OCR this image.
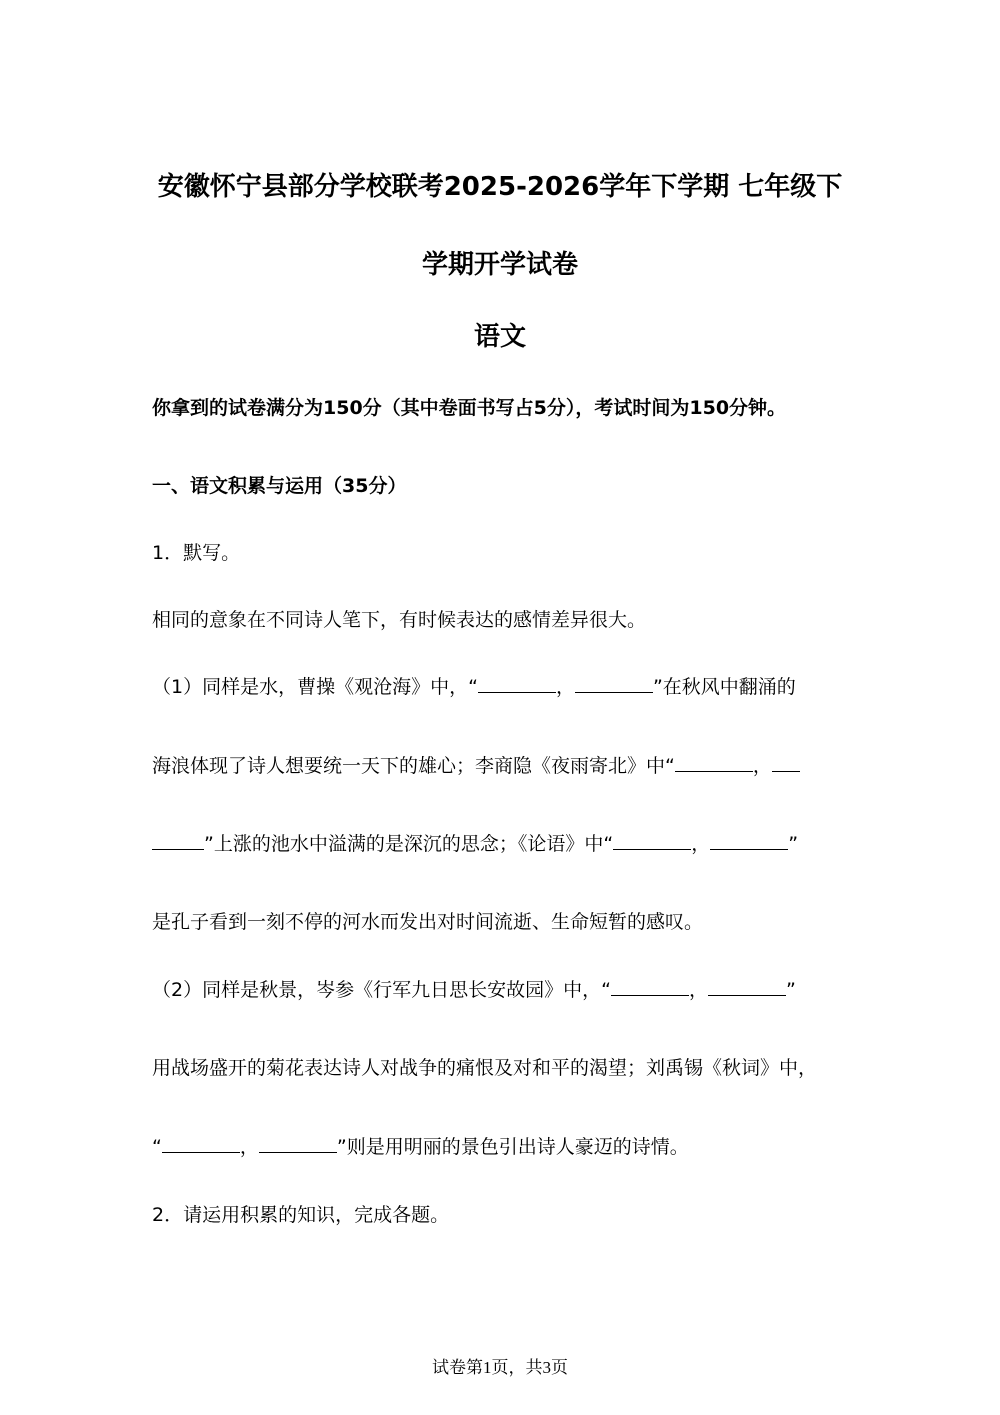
安徽怀宁县部分学校联考2025-2026学年下学期 七年级下
学期开学试卷
语文
你拿到的试卷满分为150分（其中卷面书写占5分），考试时间为150分钟。
一、语文积累与运用（35分）
1．默写。
相同的意象在不同诗人笔下，有时候表达的感情差异很大。
（1）同样是水，曹操《观沧海》中，“	，	”在秋风中翻涌的
海浪体现了诗人想要统一天下的雄心；李商隐《夜雨寄北》中“	，
”上涨的池水中溢满的是深沉的思念；《论语》中“	，	”
是孔子看到一刻不停的河水而发出对时间流逝、生命短暂的感叹。
（2）同样是秋景，岑参《行军九日思长安故园》中，“	，	”
用战场盛开的菊花表达诗人对战争的痛恨及对和平的渴望；刘禹锡《秋词》中，
“	，	”则是用明丽的景色引出诗人豪迈的诗情。
2．请运用积累的知识，完成各题。
试卷第1页，共3页
